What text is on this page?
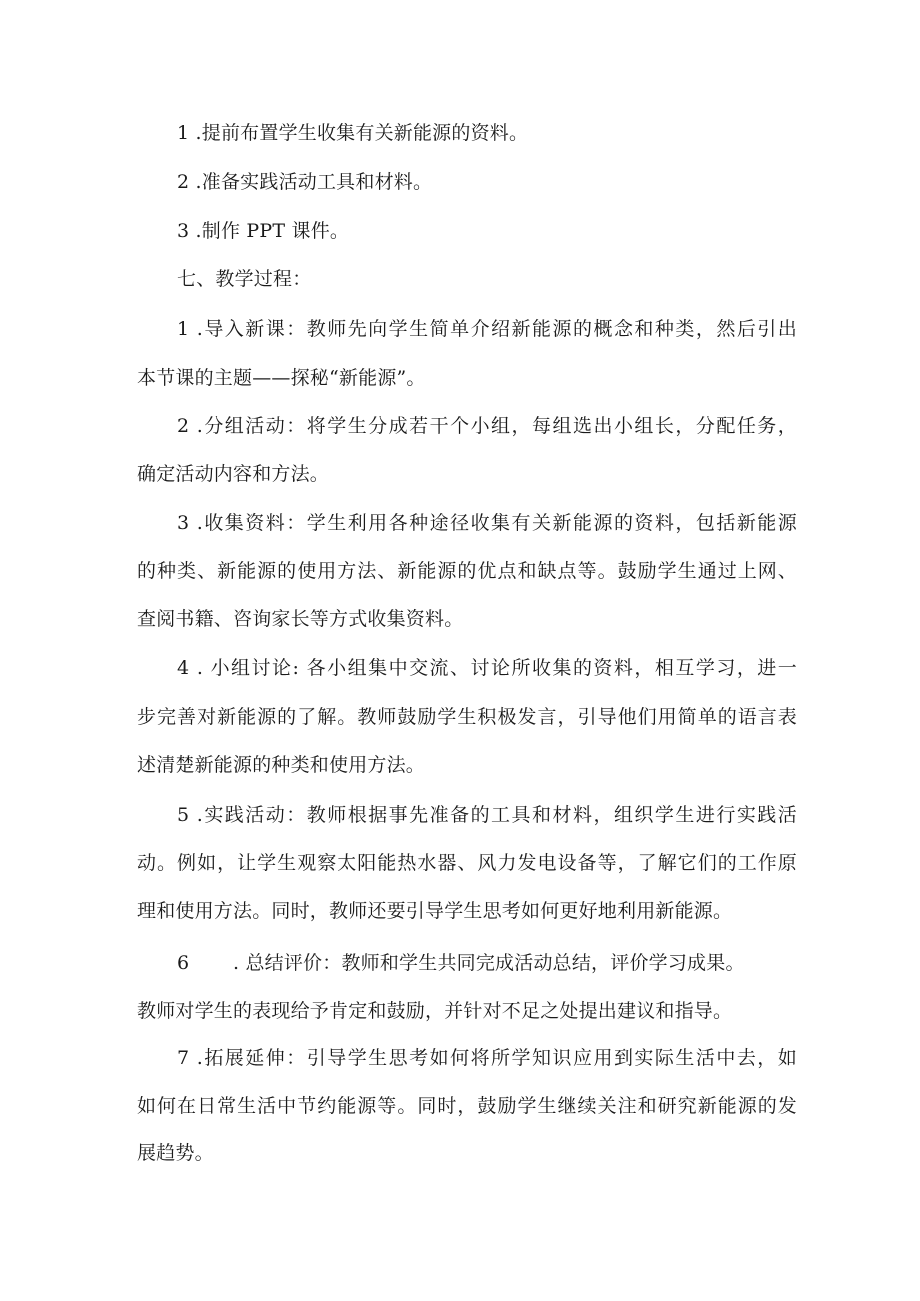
1 .提前布置学生收集有关新能源的资料。
2 .准备实践活动工具和材料。
3 .制作 PPT 课件。
七、教学过程：
1 .导入新课：教师先向学生简单介绍新能源的概念和种类，然后引出
本节课的主题——探秘“新能源”。
2 .分组活动：将学生分成若干个小组，每组选出小组长，分配任务，
确定活动内容和方法。
3 .收集资料：学生利用各种途径收集有关新能源的资料，包括新能源
的种类、新能源的使用方法、新能源的优点和缺点等。鼓励学生通过上网、
查阅书籍、咨询家长等方式收集资料。
4 . 小组讨论: 各小组集中交流、讨论所收集的资料，相互学习，进一
步完善对新能源的了解。教师鼓励学生积极发言，引导他们用简单的语言表
述清楚新能源的种类和使用方法。
5 .实践活动：教师根据事先准备的工具和材料，组织学生进行实践活
动。例如，让学生观察太阳能热水器、风力发电设备等，了解它们的工作原
理和使用方法。同时，教师还要引导学生思考如何更好地利用新能源。
6       . 总结评价：教师和学生共同完成活动总结，评价学习成果。
教师对学生的表现给予肯定和鼓励，并针对不足之处提出建议和指导。
7 .拓展延伸：引导学生思考如何将所学知识应用到实际生活中去，如
如何在日常生活中节约能源等。同时，鼓励学生继续关注和研究新能源的发
展趋势。
